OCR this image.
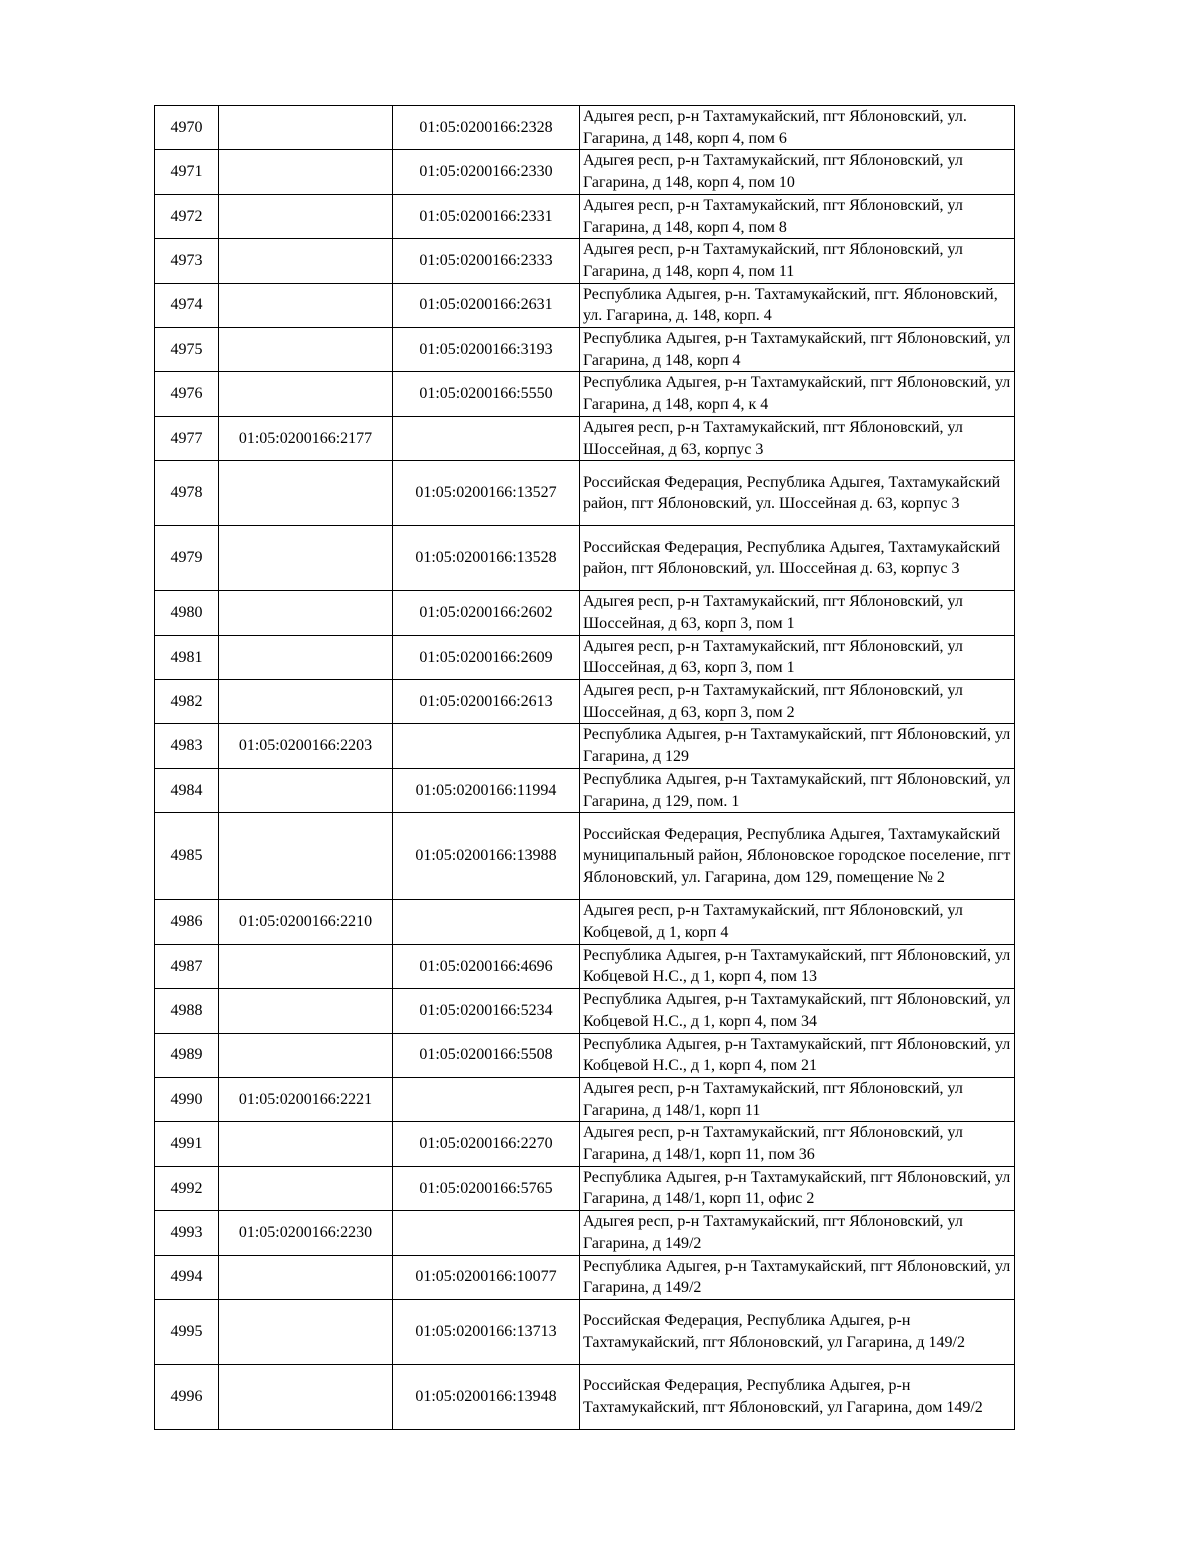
4970		01:05:0200166:2328	Адыгея респ, р-н Тахтамукайский, пгт Яблоновский, ул. Гагарина, д 148, корп 4, пом 6
4971		01:05:0200166:2330	Адыгея респ, р-н Тахтамукайский, пгт Яблоновский, ул Гагарина, д 148, корп 4, пом 10
4972		01:05:0200166:2331	Адыгея респ, р-н Тахтамукайский, пгт Яблоновский, ул Гагарина, д 148, корп 4, пом 8
4973		01:05:0200166:2333	Адыгея респ, р-н Тахтамукайский, пгт Яблоновский, ул Гагарина, д 148, корп 4, пом 11
4974		01:05:0200166:2631	Республика Адыгея, р-н. Тахтамукайский, пгт. Яблоновский, ул. Гагарина, д. 148, корп. 4
4975		01:05:0200166:3193	Республика Адыгея, р-н Тахтамукайский, пгт Яблоновский, ул Гагарина, д 148, корп 4
4976		01:05:0200166:5550	Республика Адыгея, р-н Тахтамукайский, пгт Яблоновский, ул Гагарина, д 148, корп 4, к 4
4977	01:05:0200166:2177		Адыгея респ, р-н Тахтамукайский, пгт Яблоновский, ул Шоссейная, д 63, корпус 3
4978		01:05:0200166:13527	Российская Федерация, Республика Адыгея, Тахтамукайский район, пгт Яблоновский, ул. Шоссейная д. 63, корпус 3
4979		01:05:0200166:13528	Российская Федерация, Республика Адыгея, Тахтамукайский район, пгт Яблоновский, ул. Шоссейная д. 63, корпус 3
4980		01:05:0200166:2602	Адыгея респ, р-н Тахтамукайский, пгт Яблоновский, ул Шоссейная, д 63, корп 3, пом 1
4981		01:05:0200166:2609	Адыгея респ, р-н Тахтамукайский, пгт Яблоновский, ул Шоссейная, д 63, корп 3, пом 1
4982		01:05:0200166:2613	Адыгея респ, р-н Тахтамукайский, пгт Яблоновский, ул Шоссейная, д 63, корп 3, пом 2
4983	01:05:0200166:2203		Республика Адыгея, р-н Тахтамукайский, пгт Яблоновский, ул Гагарина, д 129
4984		01:05:0200166:11994	Республика Адыгея, р-н Тахтамукайский, пгт Яблоновский, ул Гагарина, д 129, пом. 1
4985		01:05:0200166:13988	Российская Федерация, Республика Адыгея, Тахтамукайский муниципальный район, Яблоновское городское поселение, пгт Яблоновский, ул. Гагарина, дом 129, помещение № 2
4986	01:05:0200166:2210		Адыгея респ, р-н Тахтамукайский, пгт Яблоновский, ул Кобцевой, д 1, корп 4
4987		01:05:0200166:4696	Республика Адыгея, р-н Тахтамукайский, пгт Яблоновский, ул Кобцевой Н.С., д 1, корп 4, пом 13
4988		01:05:0200166:5234	Республика Адыгея, р-н Тахтамукайский, пгт Яблоновский, ул Кобцевой Н.С., д 1, корп 4, пом 34
4989		01:05:0200166:5508	Республика Адыгея, р-н Тахтамукайский, пгт Яблоновский, ул Кобцевой Н.С., д 1, корп 4, пом 21
4990	01:05:0200166:2221		Адыгея респ, р-н Тахтамукайский, пгт Яблоновский, ул Гагарина, д 148/1, корп 11
4991		01:05:0200166:2270	Адыгея респ, р-н Тахтамукайский, пгт Яблоновский, ул Гагарина, д 148/1, корп 11, пом 36
4992		01:05:0200166:5765	Республика Адыгея, р-н Тахтамукайский, пгт Яблоновский, ул Гагарина, д 148/1, корп 11, офис 2
4993	01:05:0200166:2230		Адыгея респ, р-н Тахтамукайский, пгт Яблоновский, ул Гагарина, д 149/2
4994		01:05:0200166:10077	Республика Адыгея, р-н Тахтамукайский, пгт Яблоновский, ул Гагарина, д 149/2
4995		01:05:0200166:13713	Российская Федерация, Республика Адыгея, р-н Тахтамукайский, пгт Яблоновский, ул Гагарина, д 149/2
4996		01:05:0200166:13948	Российская Федерация, Республика Адыгея, р-н Тахтамукайский, пгт Яблоновский, ул Гагарина, дом 149/2
